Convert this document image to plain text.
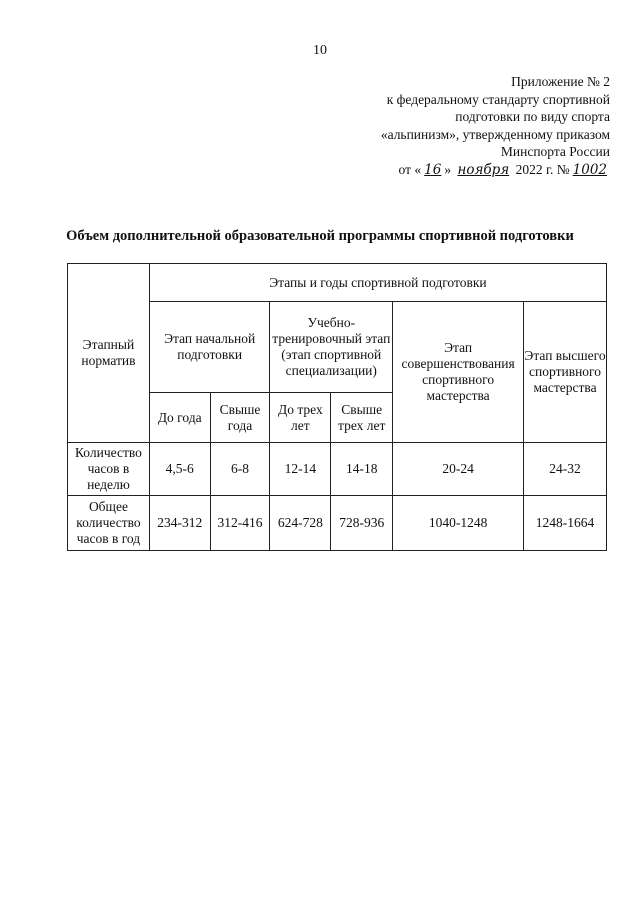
10
Приложение № 2
к федеральному стандарту спортивной
подготовки по виду спорта
«альпинизм», утвержденному приказом
Минспорта России
от « 16 » ноября 2022 г. № 1002
Объем дополнительной образовательной программы спортивной подготовки
Этапный норматив	Этапы и годы спортивной подготовки					
	Этап начальной подготовки		Учебно-тренировочный этап (этап спортивной специализации)		Этап совершенствования спортивного мастерства	Этап высшего спортивного мастерства
	До года	Свыше года	До трех лет	Свыше трех лет		
Количество часов в неделю	4,5-6	6-8	12-14	14-18	20-24	24-32
Общее количество часов в год	234-312	312-416	624-728	728-936	1040-1248	1248-1664
